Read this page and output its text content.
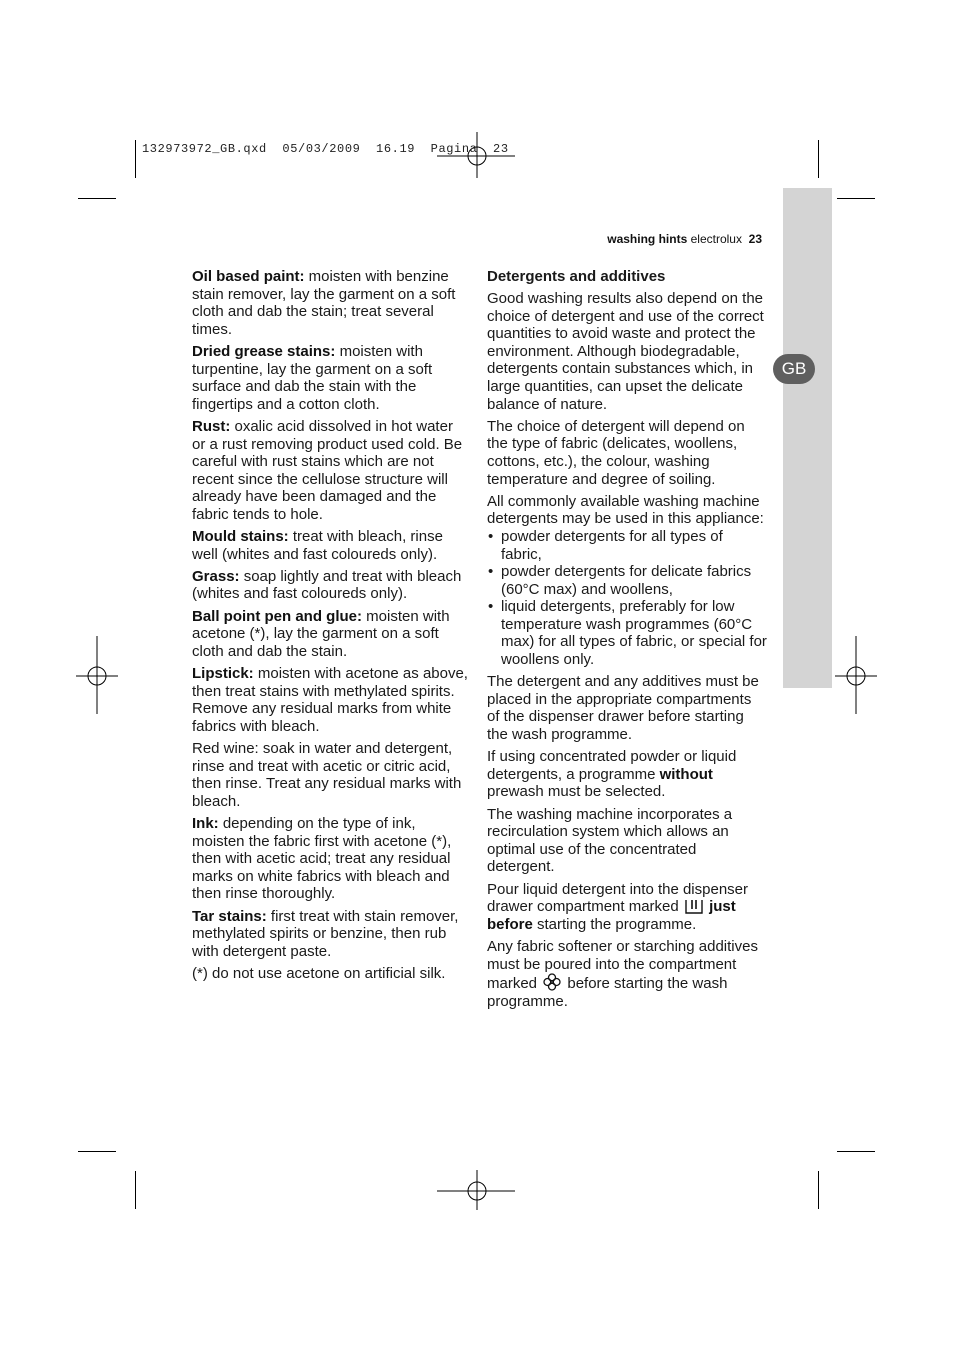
132973972_GB.qxd  05/03/2009  16.19  Pagina  23
GB
washing hints electrolux 23

Oil based paint: moisten with benzine stain remover, lay the garment on a soft cloth and dab the stain; treat several times.

Dried grease stains: moisten with turpentine, lay the garment on a soft surface and dab the stain with the fingertips and a cotton cloth.

Rust: oxalic acid dissolved in hot water or a rust removing product used cold. Be careful with rust stains which are not recent since the cellulose structure will already have been damaged and the fabric tends to hole.

Mould stains: treat with bleach, rinse well (whites and fast coloureds only).

Grass: soap lightly and treat with bleach (whites and fast coloureds only).

Ball point pen and glue: moisten with acetone (*), lay the garment on a soft cloth and dab the stain.

Lipstick: moisten with acetone as above, then treat stains with methylated spirits. Remove any residual marks from white fabrics with bleach.

Red wine: soak in water and detergent, rinse and treat with acetic or citric acid, then rinse. Treat any residual marks with bleach.

Ink: depending on the type of ink, moisten the fabric first with acetone (*), then with acetic acid; treat any residual marks on white fabrics with bleach and then rinse thoroughly.

Tar stains: first treat with stain remover, methylated spirits or benzine, then rub with detergent paste.

(*) do not use acetone on artificial silk.

Detergents and additives

Good washing results also depend on the choice of detergent and use of the correct quantities to avoid waste and protect the environment. Although biodegradable, detergents contain substances which, in large quantities, can upset the delicate balance of nature.

The choice of detergent will depend on the type of fabric (delicates, woollens, cottons, etc.), the colour, washing temperature and degree of soiling.

All commonly available washing machine detergents may be used in this appliance:

• powder detergents for all types of fabric,
• powder detergents for delicate fabrics (60°C max) and woollens,
• liquid detergents, preferably for low temperature wash programmes (60°C max) for all types of fabric, or special for woollens only.

The detergent and any additives must be placed in the appropriate compartments of the dispenser drawer before starting the wash programme.

If using concentrated powder or liquid detergents, a programme without prewash must be selected.

The washing machine incorporates a recirculation system which allows an optimal use of the concentrated detergent.

Pour liquid detergent into the dispenser drawer compartment marked  just before starting the programme.

Any fabric softener or starching additives must be poured into the compartment marked  before starting the wash programme.
